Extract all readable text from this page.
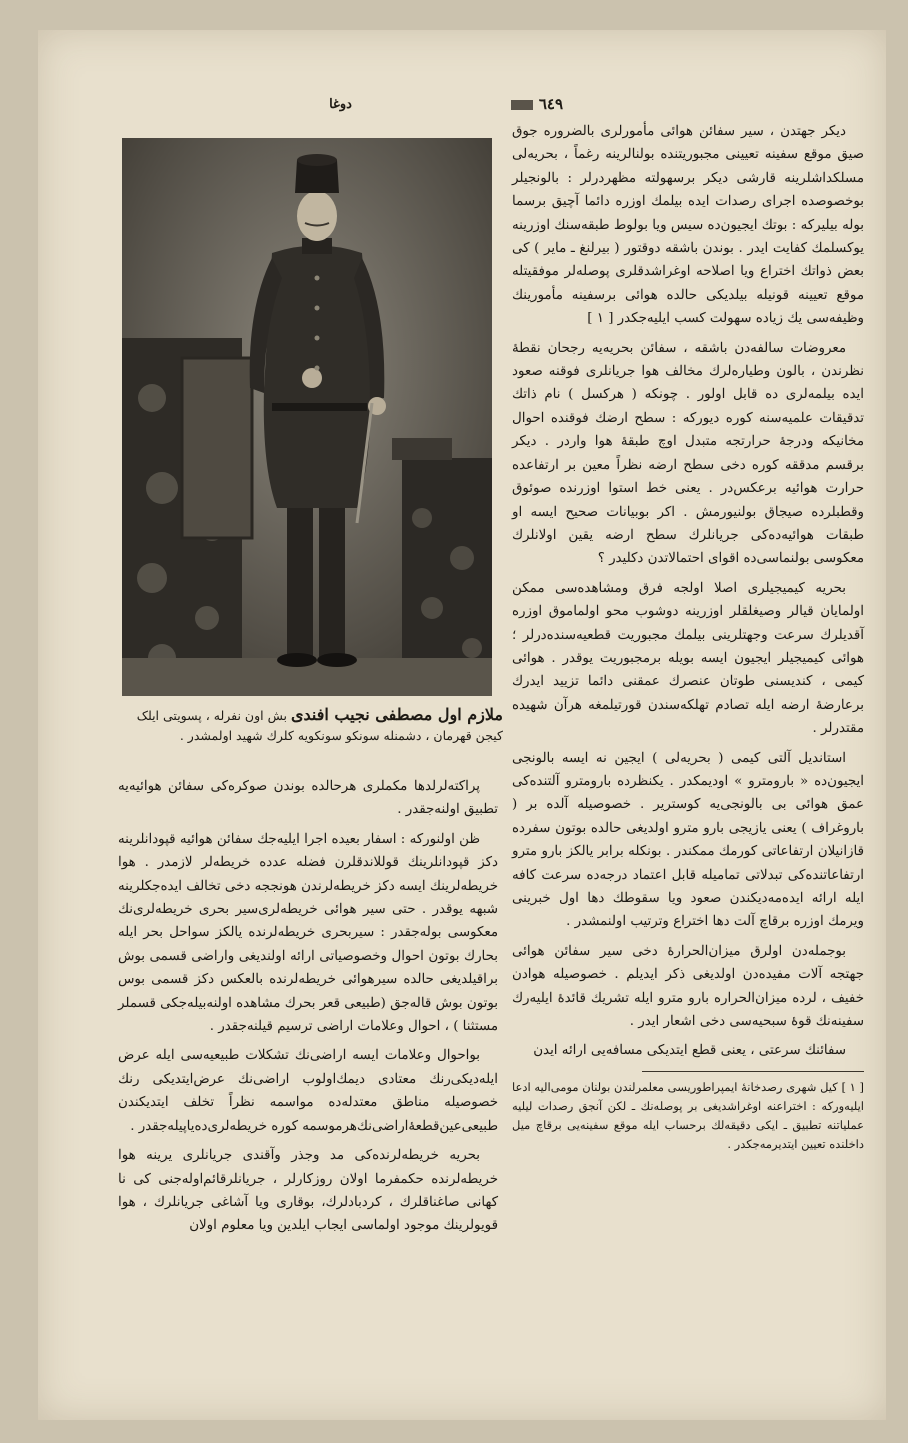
٦٤٩
دوغا
ملازم اول مصطفی نجیب افندی بش اون نفرله ، پسویتی ایلک کیجن قهرمان ، دشمنله سونکو سونکویه کلرك شهید اولمشدر .

دیکر جهتدن ، سیر سفائن هوائی مأمورلری بالضروره جوق صیق موقع سفینه تعیینی مجبوریتنده بولنالرینه رغماً ، بحریه‌لی مسلکداشلرینه قارشی دیکر برسهولته مظهردرلر : بالونجیلر بوخصوصده اجرای رصدات ایده بیلمك اوزره دائما آچیق برسما بوله بیلیرکه : بوتك ایجیون‌ده سیس ویا بولوط طبقه‌سنك اوزرینه یوکسلمك کفایت ایدر . بوندن باشقه دوقتور ( بیرلنغ ـ مایر ) کی بعض ذواتك اختراع ویا اصلاحه اوغراشدقلری پوصله‌لر موفقیتله موقع تعیینه قونیله بیلدیکی حالده هوائی برسفینه مأمورینك وظیفه‌سی یك زیاده سهولت کسب ایلیه‌جکدر [ ١ ]

معروضات سالفه‌دن باشقه ، سفائن بحریه‌یه رجحان نقطهٔ نظرندن ، بالون وطیاره‌لرك مخالف هوا جریانلری فوقنه صعود ایده بیلمه‌لری ده قابل اولور . چونکه ( هرکسل ) نام ذاتك تدقیقات علمیه‌سنه کوره دیورکه : سطح ارضك فوقنده احوال مخانیکه ودرجهٔ حرارتجه متبدل اوچ طبقهٔ هوا واردر . دیکر برقسم مدققه کوره دخی سطح ارضه نظراً معین بر ارتفاعده حرارت هوائیه برعکس‌در . یعنی خط استوا اوزرنده صوئوق وقطبلرده صیجاق بولنیورمش . اکر بوبیانات صحیح ایسه او طبقات هوائیه‌ده‌کی جریانلرك سطح ارضه یقین اولانلرك معکوسی بولنماسی‌ده اقوای احتمالاتدن دکلیدر ؟

بحریه کیمیجیلری اصلا اولجه فرق ومشاهده‌سی ممکن اولمایان قیالر وصیغلقلر اوزرینه دوشوب محو اولماموق اوزره آقدیلرك سرعت وجهتلرینی بیلمك مجبوریت قطعیه‌سنده‌درلر ؛ هوائی کیمیجیلر ایجیون ایسه بویله برمجبوریت یوقدر . هوائی کیمی ، کندیسنی طوتان عنصرك عمقنی دائما تزیید ایدرك برعارضهٔ ارضه ایله تصادم تهلکه‌سندن قورتیلمغه هرآن شهیده مقتدرلر .

استاندیل آلتی کیمی ( بحریه‌لی ) ایجین نه ایسه بالونجی ایجیون‌ده « بارومترو » اودیمکدر . یکنظرده بارومترو آلتنده‌کی عمق هوائی بی بالونجی‌یه کوستریر . خصوصیله آلده بر ( باروغراف ) یعنی یازیجی بارو مترو اولدیغی حالده بوتون سفرده قازانیلان ارتفاعاتی کورمك ممکندر . بونکله برابر یالکز بارو مترو ارتفاعاتنده‌کی تبدلاتی تمامیله قابل اعتماد درجه‌ده سرعت کافه ایله ارائه ایده‌مه‌دیکندن صعود ویا سقوطك دها اول خبرینی ویرمك اوزره برقاچ آلت دها اختراع وترتیب اولنمشدر .

بوجمله‌دن اولرق میزان‌الحرارهٔ دخی سیر سفائن هوائی جهتجه آلات مفیده‌دن اولدیغی ذکر ایدیلم . خصوصیله هوادن خفیف ، لرده میزان‌الحراره بارو مترو ایله تشریك قائدهٔ ایلیه‌رك سفینه‌نك قوهٔ سبحیه‌سی دخی اشعار ایدر .

سفائنك سرعتی ، یعنی قطع ایتدیکی مسافه‌یی ارائه ایدن

[ ١ ] کیل شهری رصدخانهٔ ایمپراطوریسی معلمرلندن بولنان مومی‌الیه ادعا ایلیه‌ورکه : اختراعنه اوغراشدیغی بر پوصله‌نك ـ لکن آنجق رصدات لیلیه عملیاتنه تطبیق ـ ایکی دقیقه‌لك برحساب ایله موقع سفینه‌یی برقاچ میل داخلنده تعیین ایتدیرمه‌جکدر .

پراکته‌لرلدها مکملری هرحالده بوندن صوکره‌کی سفائن هوائیه‌یه تطبیق اولنه‌جقدر .

ظن اولنورکه : اسفار بعیده اجرا ایلیه‌جك سفائن هوائیه قپودانلرینه دکز قپودانلرینك قوللاندقلرن فضله عدده خریطه‌لر لازمدر . هوا خریطه‌لرینك ایسه دکز خریطه‌لرندن هونججه دخی تخالف ایده‌جکلرینه شبهه یوقدر . حتی سیر هوائی خریطه‌لری‌سیر بحری خریطه‌لری‌نك معکوسی بوله‌جقدر : سیربحری خریطه‌لرنده یالکز سواحل بحر ایله بحارك بوتون احوال وخصوصیاتی ارائه اولندیغی واراضی قسمی بوش براقیلدیغی حالده سیرهوائی خریطه‌لرنده بالعکس دکز قسمی بوس بوتون بوش قاله‌جق (طبیعی قعر بحرك مشاهده اولنه‌بیله‌جکی قسملر مستثنا ) ، احوال وعلامات اراضی ترسیم قیلنه‌جقدر .

بواحوال وعلامات ایسه اراضی‌نك تشکلات طبیعیه‌سی ایله عرض ایله‌دیکی‌رنك معتادی دیمك‌اولوب اراضی‌نك عرض‌ایتدیکی رنك خصوصیله مناطق معتدله‌ده مواسمه نظراً تخلف ایتدیکندن طبیعی‌عین‌قطعهٔ‌اراضی‌نك‌هرموسمه کوره خریطه‌لری‌ده‌یاپیله‌جقدر .

بحریه خریطه‌لرنده‌کی مد وجذر وآقندی جریانلری یرینه هوا خریطه‌لرنده حکمفرما اولان روزکارلر ، جریانلرقائم‌اوله‌جنی کی نا کهانی صاغناقلرك ، کردبادلرك، بوقاری ویا آشاغی جریانلرك ، هوا قویولرینك موجود اولماسی ایجاب ایلدین ویا معلوم اولان
